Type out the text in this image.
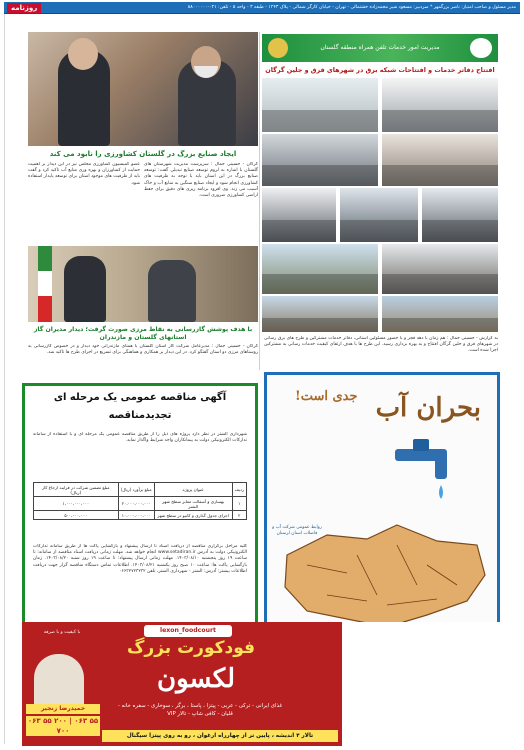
روزنامه	مدیر مسئول و صاحب امتیاز: ناصر بزرگمهر * سردبیر: مسعود شیر محمدزاده خشتمالی - تهران - خیابان کارگر شمالی - پلاک ۱۲۴۳ - طبقه ۳ - واحد ۵ - تلفن: ۰۲۱-۸۸۰۰۰۰۰۰
ایجاد صنایع بزرگ در گلستان کشاورزی را نابود می کند
گرگان - حسینی جمال : سرپرست مدیریت شهرستان های گلستان با اشاره به لزوم توسعه صنایع تبدیلی گفت: توسعه صنایع بزرگ در این استان باید با توجه به ظرفیت های کشاورزی انجام شود و ایجاد صنایع سنگین به منابع آب و خاک آسیب می زند. وی افزود برنامه ریزی های دقیق برای حفظ اراضی کشاورزی ضروری است.
عضو کمیسیون کشاورزی مجلس نیز در این دیدار بر اهمیت حمایت از کشاورزان و بهره وری منابع آب تاکید کرد و گفت باید از ظرفیت های موجود استان برای توسعه پایدار استفاده شود.
با هدف پوشش گازرسانی به نقاط مرزی صورت گرفت؛ دیدار مدیران گاز استانهای گلستان و مازندران
گرگان - حسینی جمال : مدیرعامل شرکت گاز استان گلستان با همتای مازندرانی خود دیدار و در خصوص گازرسانی به روستاهای مرزی دو استان گفتگو کرد. در این دیدار بر همکاری و هماهنگی برای تسریع در اجرای طرح ها تاکید شد.
مدیریت امور خدمات تلفن همراه منطقه گلستان
افتتاح دفاتر خدمات و افتتاحات شبکه برق در شهرهای قرق و جلین گرگان
به گزارش - حسینی جمال : هم زمان با دهه فجر و با حضور مسئولین استانی، دفاتر خدمات مشترکین و طرح های برق رسانی در شهرهای قرق و جلین گرگان افتتاح و به بهره برداری رسید. این طرح ها با هدف ارتقای کیفیت خدمات رسانی به مشترکین اجرا شده است.
آگهی مناقصه عمومی یک مرحله ای
تجدیدمناقصه
شهرداری الشتر در نظر دارد پروژه های ذیل را از طریق مناقصه عمومی یک مرحله ای و با استفاده از سامانه تدارکات الکترونیکی دولت به پیمانکاران واجد شرایط واگذار نماید.
ردیف	عنوان پروژه	مبلغ برآورد (ریال)	مبلغ تضمین شرکت در فرایند ارجاع کار (ریال)
۱	بهسازی و آسفالت معابر سطح شهر الشتر	۲۰،۰۰۰،۰۰۰،۰۰۰	۱،۰۰۰،۰۰۰،۰۰۰
۲	اجرای جدول گذاری و کانیو در سطح شهر	۱۰،۰۰۰،۰۰۰،۰۰۰	۵۰۰،۰۰۰،۰۰۰
کلیه مراحل برگزاری مناقصه از دریافت اسناد تا ارسال پیشنهاد و بازگشایی پاکت ها از طریق سامانه تدارکات الکترونیکی دولت به آدرس www.setadiran.ir انجام خواهد شد. مهلت زمانی دریافت اسناد مناقصه از سامانه: تا ساعت ۱۹ روز پنجشنبه ۱۴۰۳/۰۸/۱۰. مهلت زمانی ارسال پیشنهاد: تا ساعت ۱۹ روز شنبه ۱۴۰۳/۰۸/۲۰. زمان بازگشایی پاکت ها: ساعت ۱۰ صبح روز یکشنبه ۱۴۰۳/۰۸/۲۱. اطلاعات تماس دستگاه مناقصه گزار جهت دریافت اطلاعات بیشتر: آدرس: الشتر - شهرداری الشتر، تلفن ۰۶۶۳۲۷۲۳۲۳۲
بحران آب
جدی است!
روابط عمومی شرکت آب و فاضلاب استان لرستان
با کیفیت و با صرفه
حمیدرضا زنجیر
۰۶۳ ۵۵ ۲۰۰ | ۰۶۳ ۵۵ ۷۰۰
lexon_foodcourt
فودکورت بزرگ
لکسون
غذای ایرانی - ترکی - عربی - پیتزا ، پاستا ، برگر ، سوخاری - سفره خانه - قلیان - کافی شاپ - تالار VIP
تالار ۴ اندیشه ، پایین تر از چهارراه ارغوان ، رو به روی پیتزا سیگنال
